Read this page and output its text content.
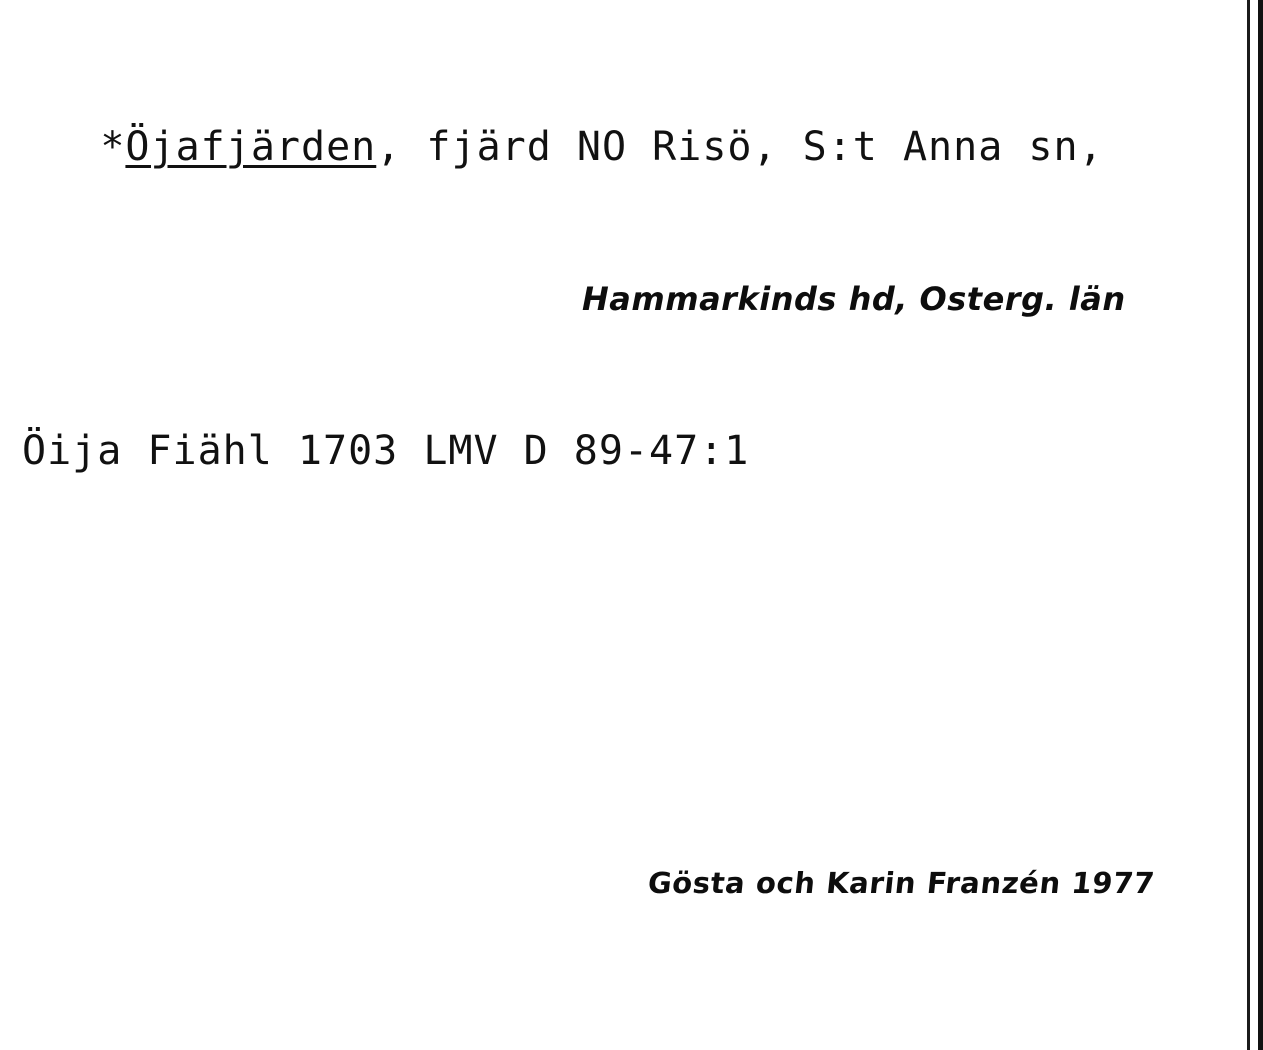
*Öjafjärden, fjärd NO Risö, S:t Anna sn,

Hammarkinds hd, Osterg. län
Öija Fiähl 1703 LMV D 89-47:1
Gösta och Karin Franzén 1977
